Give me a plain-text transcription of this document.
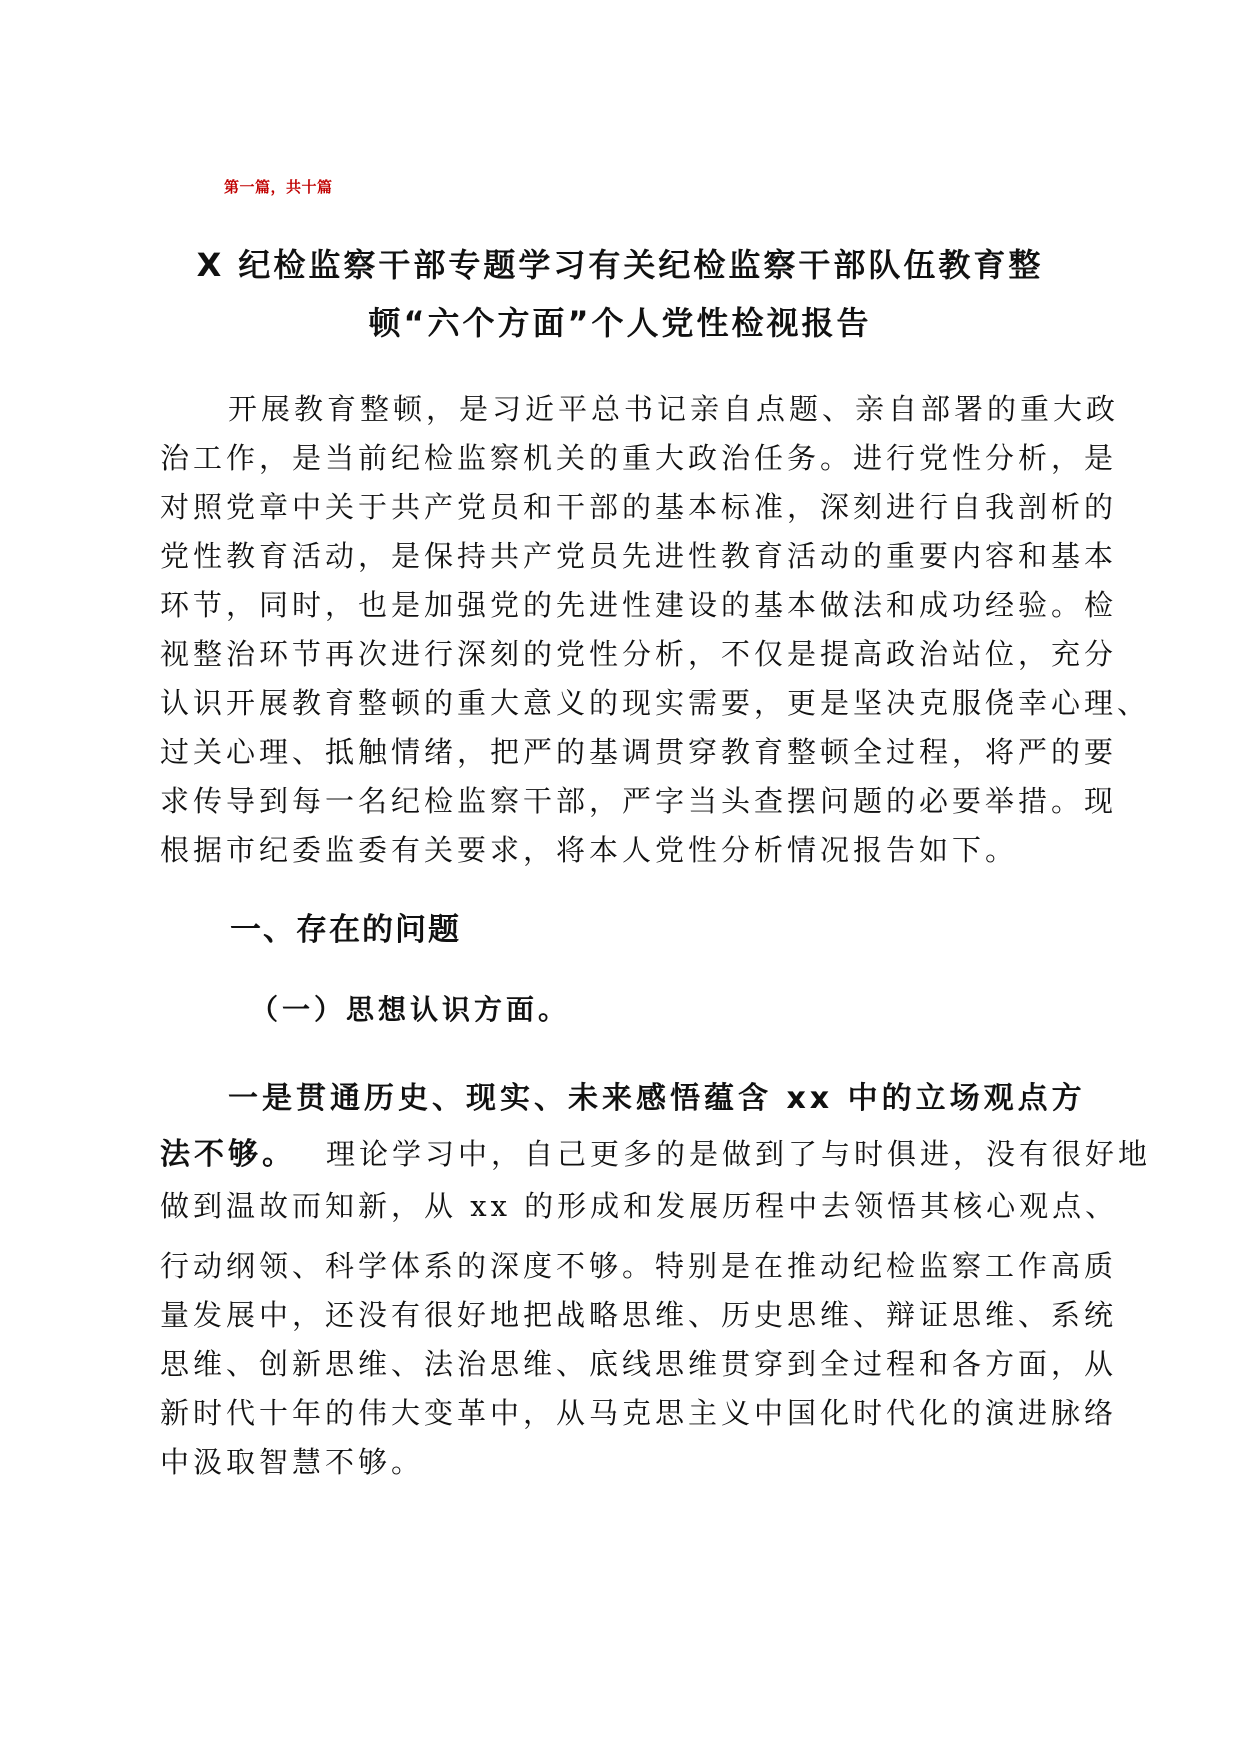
第一篇，共十篇
X 纪检监察干部专题学习有关纪检监察干部队伍教育整
顿“六个方面”个人党性检视报告
开展教育整顿，是习近平总书记亲自点题、亲自部署的重大政
治工作，是当前纪检监察机关的重大政治任务。进行党性分析，是
对照党章中关于共产党员和干部的基本标准，深刻进行自我剖析的
党性教育活动，是保持共产党员先进性教育活动的重要内容和基本
环节，同时，也是加强党的先进性建设的基本做法和成功经验。检
视整治环节再次进行深刻的党性分析，不仅是提高政治站位，充分
认识开展教育整顿的重大意义的现实需要，更是坚决克服侥幸心理、
过关心理、抵触情绪，把严的基调贯穿教育整顿全过程，将严的要
求传导到每一名纪检监察干部，严字当头查摆问题的必要举措。现
根据市纪委监委有关要求，将本人党性分析情况报告如下。
一、存在的问题
（一）思想认识方面。
一是贯通历史、现实、未来感悟蕴含 xx 中的立场观点方
法不够。 理论学习中，自己更多的是做到了与时俱进，没有很好地
做到温故而知新，从 xx 的形成和发展历程中去领悟其核心观点、
行动纲领、科学体系的深度不够。特别是在推动纪检监察工作高质
量发展中，还没有很好地把战略思维、历史思维、辩证思维、系统
思维、创新思维、法治思维、底线思维贯穿到全过程和各方面，从
新时代十年的伟大变革中，从马克思主义中国化时代化的演进脉络
中汲取智慧不够。
